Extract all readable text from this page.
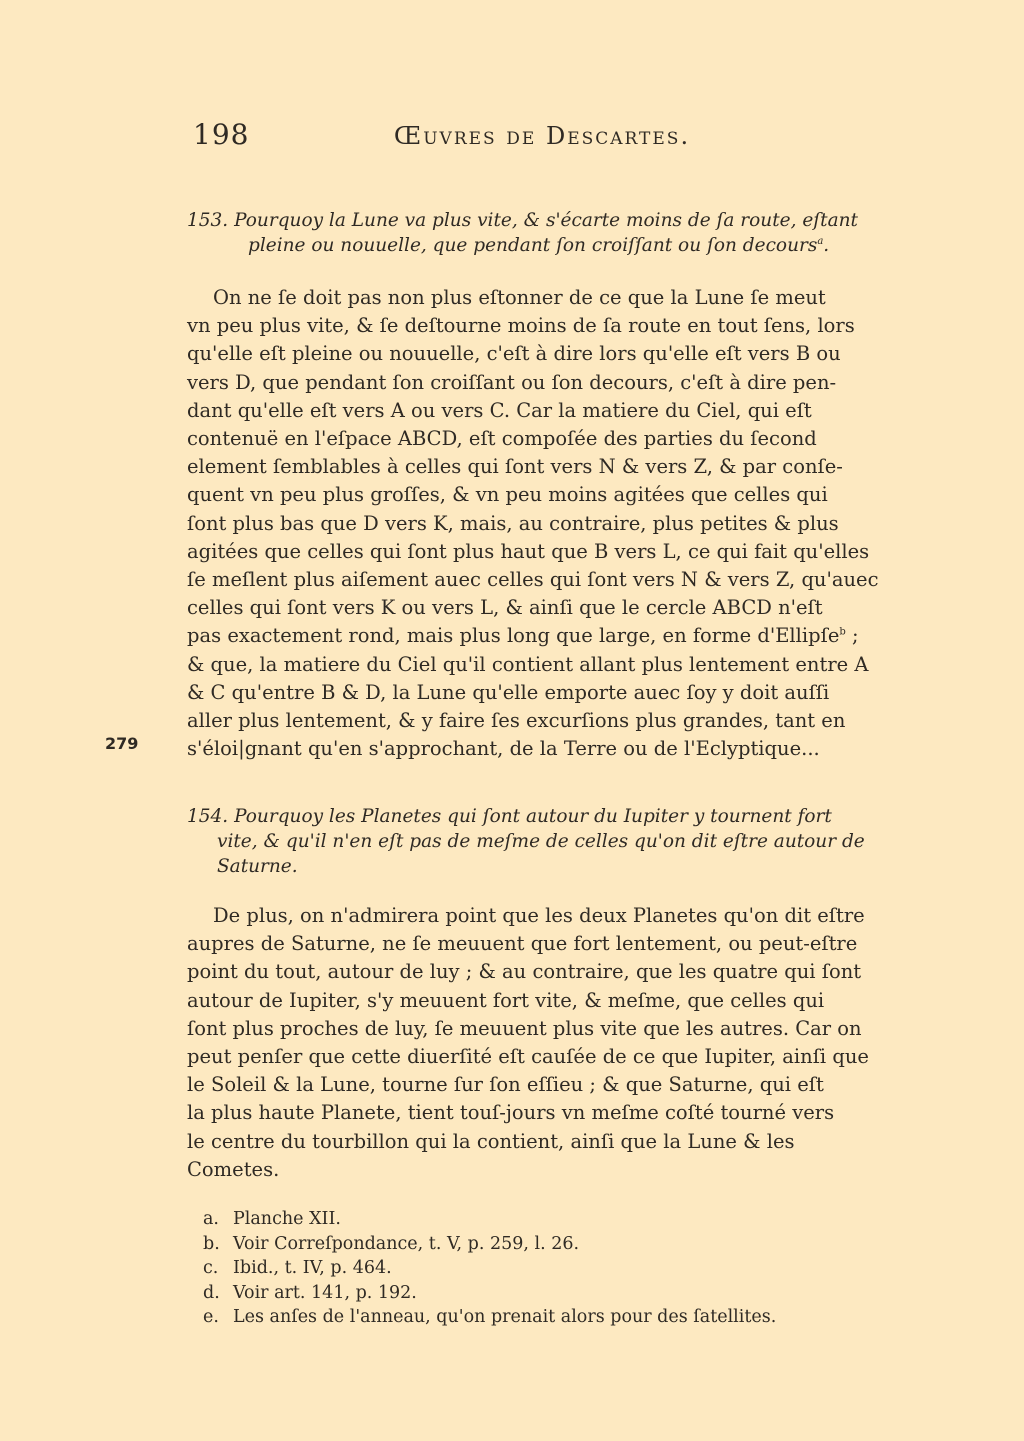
198	Œuvres de Descartes.
153. Pourquoy la Lune va plus vite, & s'écarte moins de ſa route, eſtant
pleine ou nouuelle, que pendant ſon croiſſant ou ſon decours$^a$.
On ne ſe doit pas non plus eſtonner de ce que la Lune ſe meut
vn peu plus vite, & ſe deſtourne moins de ſa route en tout ſens, lors
qu'elle eſt pleine ou nouuelle, c'eſt à dire lors qu'elle eſt vers B ou
vers D, que pendant ſon croiſſant ou ſon decours, c'eſt à dire pen-
dant qu'elle eſt vers A ou vers C. Car la matiere du Ciel, qui eſt
contenuë en l'eſpace ABCD, eſt compoſée des parties du ſecond
element ſemblables à celles qui ſont vers N & vers Z, & par conſe-
quent vn peu plus groſſes, & vn peu moins agitées que celles qui
ſont plus bas que D vers K, mais, au contraire, plus petites & plus
agitées que celles qui ſont plus haut que B vers L, ce qui fait qu'elles
ſe meſlent plus aiſement auec celles qui ſont vers N & vers Z, qu'auec
celles qui ſont vers K ou vers L, & ainſi que le cercle ABCD n'eſt
pas exactement rond, mais plus long que large, en forme d'Ellipſe$^b$ ;
& que, la matiere du Ciel qu'il contient allant plus lentement entre A
& C qu'entre B & D, la Lune qu'elle emporte auec ſoy y doit auſſi
aller plus lentement, & y faire ſes excurſions plus grandes, tant en
s'éloi|gnant qu'en s'approchant, de la Terre ou de l'Eclyptique...
279
154. Pourquoy les Planetes qui ſont autour du Iupiter y tournent fort
vite, & qu'il n'en eſt pas de meſme de celles qu'on dit eſtre autour de
Saturne.
De plus, on n'admirera point que les deux Planetes qu'on dit eſtre
aupres de Saturne, ne ſe meuuent que fort lentement, ou peut-eſtre
point du tout, autour de luy ; & au contraire, que les quatre qui ſont
autour de Iupiter, s'y meuuent fort vite, & meſme, que celles qui
ſont plus proches de luy, ſe meuuent plus vite que les autres. Car on
peut penſer que cette diuerſité eſt cauſée de ce que Iupiter, ainſi que
le Soleil & la Lune, tourne ſur ſon eſſieu ; & que Saturne, qui eſt
la plus haute Planete, tient touſ-jours vn meſme coſté tourné vers
le centre du tourbillon qui la contient, ainſi que la Lune & les
Cometes.
a. Planche XII.
b. Voir Correſpondance, t. V, p. 259, l. 26.
c. Ibid., t. IV, p. 464.
d. Voir art. 141, p. 192.
e. Les anſes de l'anneau, qu'on prenait alors pour des ſatellites.
